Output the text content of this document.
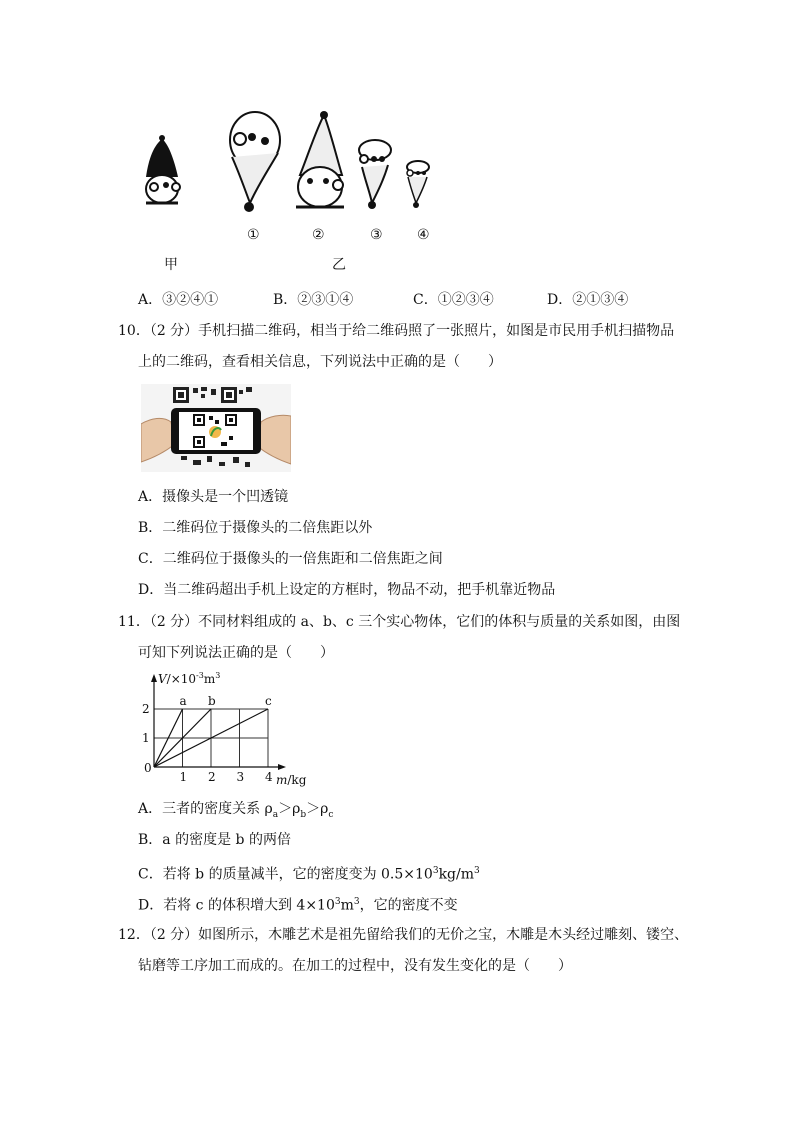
①	②	③ ④
甲	乙
A．③②④①	B．②③①④	C．①②③④	D．②①③④
10．（2 分）手机扫描二维码，相当于给二维码照了一张照片，如图是市民用手机扫描物品
上的二维码，查看相关信息，下列说法中正确的是（　　）
A．摄像头是一个凹透镜
B．二维码位于摄像头的二倍焦距以外
C．二维码位于摄像头的一倍焦距和二倍焦距之间
D．当二维码超出手机上设定的方框时，物品不动，把手机靠近物品
11．（2 分）不同材料组成的 a、b、c 三个实心物体，它们的体积与质量的关系如图，由图
可知下列说法正确的是（　　）
1 2 3 4
1
2
a b	c
$V/\times 10^{-3}m^3$
m/kg
0
A．三者的密度关系 $\rho_a>\rho_b>\rho_c$
B．a 的密度是 b 的两倍
C．若将 b 的质量减半，它的密度变为 $0.5\times 10^3kg/m^3$
D．若将 c 的体积增大到 $4\times 10^3m^3$，它的密度不变
12．（2 分）如图所示，木雕艺术是祖先留给我们的无价之宝，木雕是木头经过雕刻、镂空、
钻磨等工序加工而成的。在加工的过程中，没有发生变化的是（　　）
